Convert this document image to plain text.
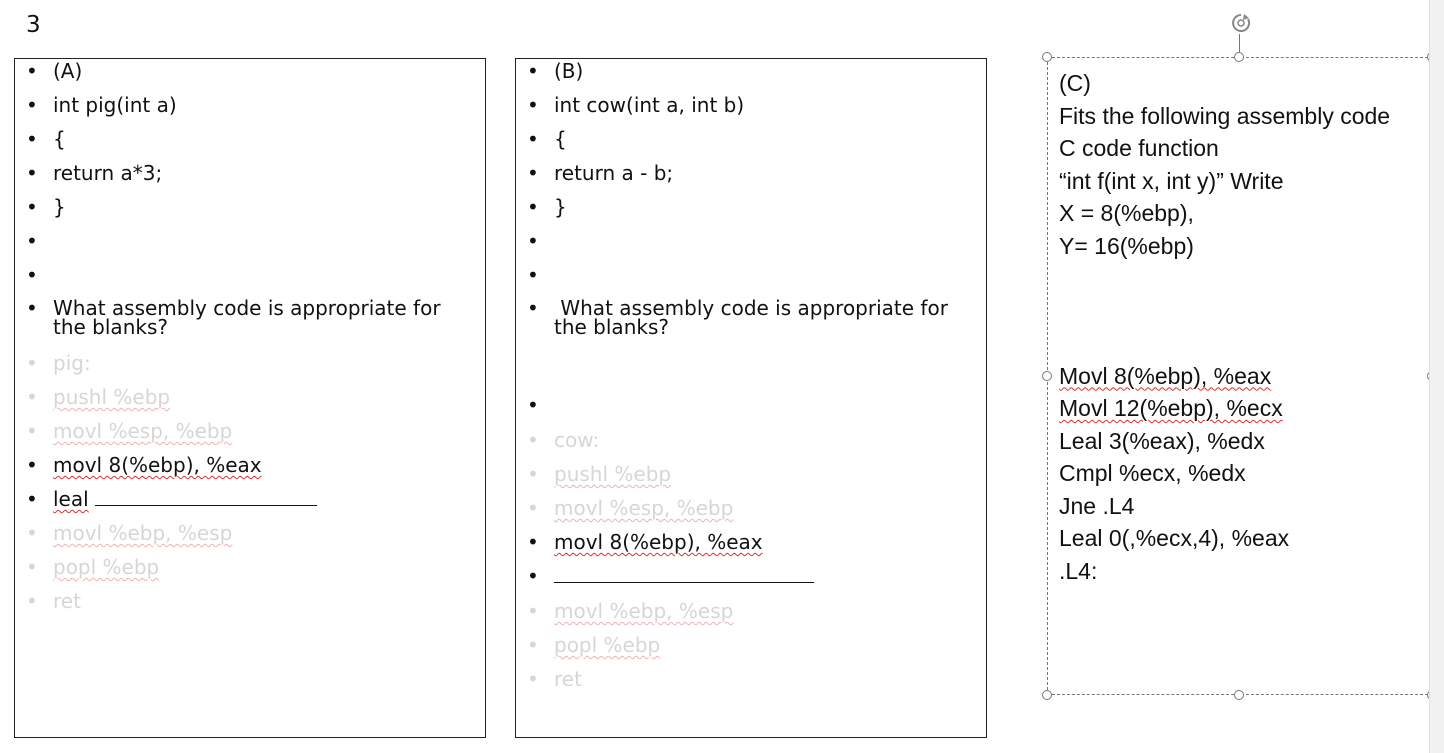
3
• (A)
• int pig(int a)
• {
• return a*3;
• }
•
•
• What assembly code is appropriate for the blanks?
• pig:
• pushl %ebp
• movl %esp, %ebp
• movl 8(%ebp), %eax
• leal
• movl %ebp, %esp
• popl %ebp
• ret
• (B)
• int cow(int a, int b)
• {
• return a - b;
• }
•
•
• What assembly code is appropriate for the blanks?
•
• cow:
• pushl %ebp
• movl %esp, %ebp
• movl 8(%ebp), %eax
•
• movl %ebp, %esp
• popl %ebp
• ret
(C)
Fits the following assembly code
C code function
“int f(int x, int y)” Write
X = 8(%ebp),
Y= 16(%ebp)
Movl 8(%ebp), %eax
Movl 12(%ebp), %ecx
Leal 3(%eax), %edx
Cmpl %ecx, %edx
Jne .L4
Leal 0(,%ecx,4), %eax
.L4:
